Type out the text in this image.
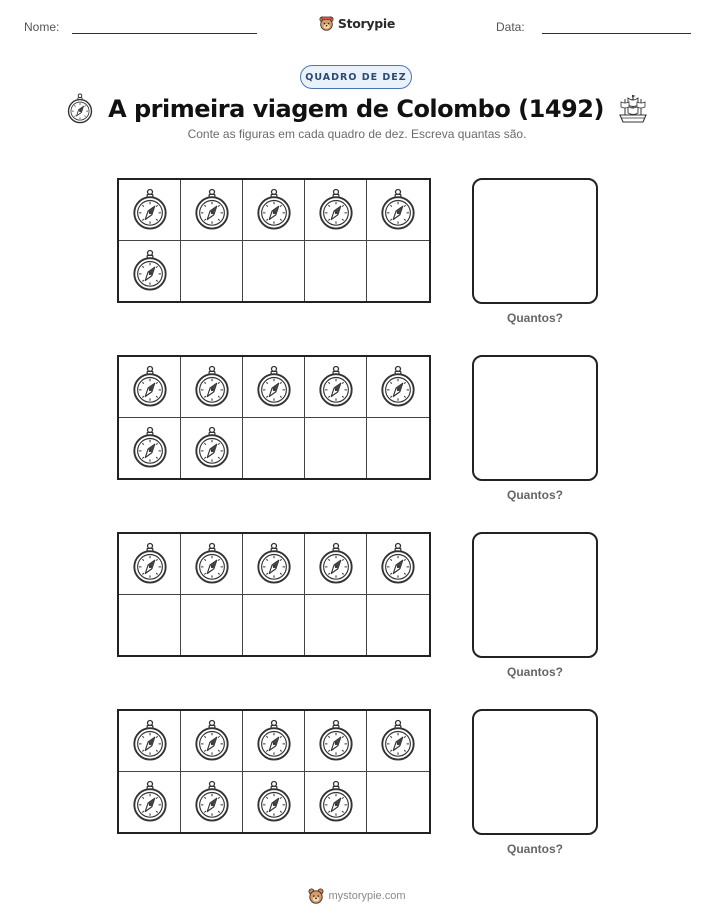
Nome:	Storypie	Data:
QUADRO DE DEZ
A primeira viagem de Colombo (1492)
Conte as figuras em cada quadro de dez. Escreva quantas são.
Quantos?
Quantos?
Quantos?
Quantos?
mystorypie.com
